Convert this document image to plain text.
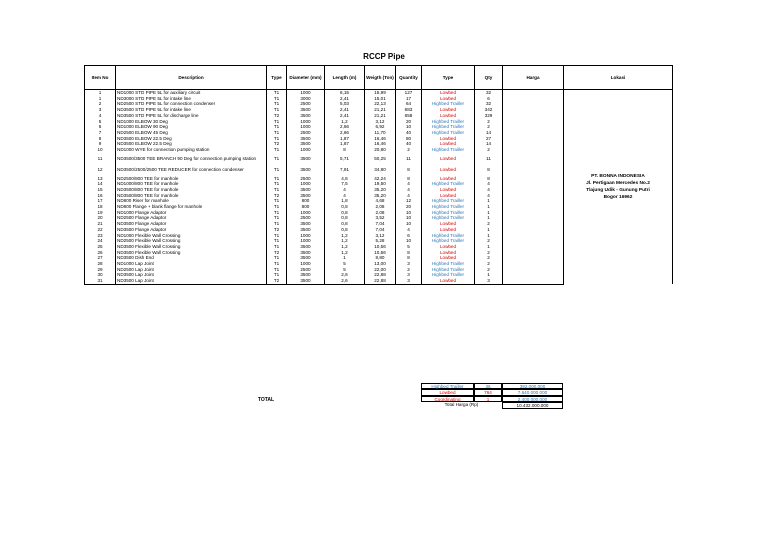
RCCP Pipe
Item No	Description	Type	Diameter (mm)	Length (m)	Weigth (Ton)	Quantity	Type	Qty	Harga	Lokasi
1	ND1000 STD PIPE 5L for auxiliary circuit	T1	1000	6,15	15,99	127	Lowbed	32		PT. BONNA INDONESIA
Jl. Pertigaan Mercedes No.2
Tlajung Udik - Gunung Putri
Bogor 16962

1	ND3000 STD PIPE 5L for intake line	T1	3000	2,41	15,01	17	Lowbed	6		
2	ND2500 STD PIPE 5L for connection condenser	T1	2500	5,03	22,13	64	Highbed Trailler	32		
3	ND3500 STD PIPE 5L for intake line	T1	3500	2,41	21,21	683	Lowbed	342		
4	ND3500 STD PIPE 5L for discharge line	T2	3500	2,41	21,21	658	Lowbed	329		
5	ND1000 ELBOW 30 Deg	T1	1000	1,2	3,12	20	Highbed Trailler	2		
6	ND1000 ELBOW 90 Deg	T1	1000	2,66	6,92	10	Highbed Trailler	2		
7	ND2500 ELBOW 45 Deg	T1	2500	2,66	11,70	40	Highbed Trailler	14		
8	ND3500 ELBOW 22.5 Deg	T1	3500	1,87	16,46	80	Lowbed	27		
9	ND3500 ELBOW 22.5 Deg	T2	3500	1,87	16,46	40	Lowbed	14		
10	ND1000 WYE for connection pumping station	T1	1000	8	20,80	2	Highbed Trailler	2		
11	ND3500/3500 TEE BRANCH 90 Deg for connection pumping station	T1	3500	5,71	50,25	11	Lowbed	11		
12	ND3500/2500/2500 TEE REDUCER for connection condenser	T1	3500	7,91	34,80	8	Lowbed	8		
13	ND2500/800 TEE for manhole	T1	2500	4,8	42,24	8	Lowbed	8		
14	ND1000/800 TEE for manhole	T1	1000	7,5	19,50	4	Highbed Trailler	4		
15	ND3500/800 TEE for manhole	T1	3500	4	35,20	4	Lowbed	4		
16	ND3500/800 TEE for manhole	T2	3500	4	35,20	4	Lowbed	4		
17	ND800 Riser for manhole	T1	800	1,8	4,68	12	Highbed Trailler	1		
18	ND800 Flange + blank flange for manhole	T1	800	0,8	2,08	20	Highbed Trailler	1		
19	ND1000 Flange Adaptor	T1	1000	0,8	2,08	10	Highbed Trailler	1		
20	ND2500 Flange Adaptor	T1	2500	0,8	3,52	10	Highbed Trailler	1		
21	ND3500 Flange Adaptor	T1	3500	0,8	7,04	10	Lowbed	2		
22	ND3500 Flange Adaptor	T2	3500	0,8	7,04	4	Lowbed	1		
23	ND1000 Flexible Wall Crossing	T1	1000	1,2	3,12	6	Highbed Trailler	1		
24	ND2500 Flexible Wall Crossing	T1	1000	1,2	5,28	10	Highbed Trailler	2		
25	ND3500 Flexible Wall Crossing	T1	3500	1,2	10,56	5	Lowbed	1		
26	ND3500 Flexible Wall Crossing	T2	3500	1,2	10,56	8	Lowbed	2		
27	ND3500 Dish End	T1	3500	1	8,80	8	Lowbed	2		
28	ND1000 Lap Joint	T1	1000	5	13,00	3	Highbed Trailler	2		
29	ND2500 Lap Joint	T1	2500	5	22,00	2	Highbed Trailler	2		
30	ND3500 Lap Joint	T1	3500	2,6	22,88	3	Highbed Trailler	1		
31	ND3500 Lap Joint	T2	3500	2,6	22,88	3	Lowbed	3		
TOTAL
Highbed Trailler	36	392.000.000
Lowbed	764	7.640.000.000
Coordinating	1	2.400.000.000
Total Harga (Rp)	10.432.000.000
